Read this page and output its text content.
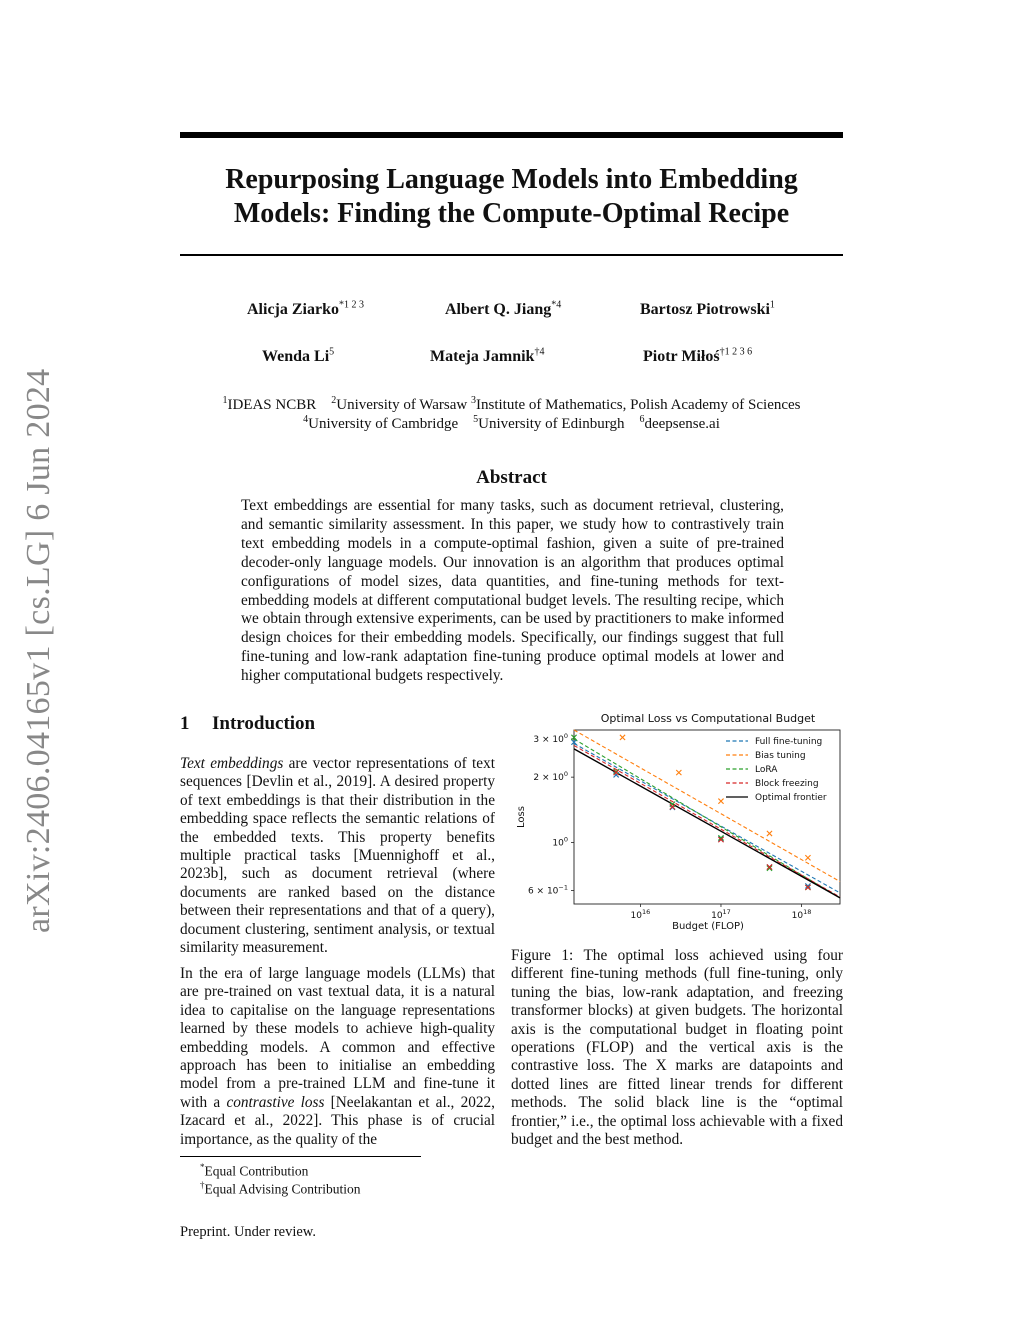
arXiv:2406.04165v1 [cs.LG] 6 Jun 2024
Repurposing Language Models into Embedding
Models: Finding the Compute-Optimal Recipe
Alicja Ziarko$^{*1 2 3}$	Albert Q. Jiang$^{*4}$	Bartosz Piotrowski$^1$
Wenda Li$^5$	Mateja Jamnik$^{\dagger 4}$	Piotr Miłoś$^{\dagger 1 2 3 6}$
$^1$IDEAS NCBR $^2$University of Warsaw $^3$Institute of Mathematics, Polish Academy of Sciences
$^4$University of Cambridge $^5$University of Edinburgh $^6$deepsense.ai
Abstract
Text embeddings are essential for many tasks, such as document retrieval, clustering, and semantic similarity assessment. In this paper, we study how to contrastively train text embedding models in a compute-optimal fashion, given a suite of pre-trained decoder-only language models. Our innovation is an algorithm that produces optimal configurations of model sizes, data quantities, and fine-tuning methods for text-embedding models at different computational budget levels. The resulting recipe, which we obtain through extensive experiments, can be used by practitioners to make informed design choices for their embedding models. Specifically, our findings suggest that full fine-tuning and low-rank adaptation fine-tuning produce optimal models at lower and higher computational budgets respectively.
1 Introduction
Text embeddings are vector representations of text sequences [Devlin et al., 2019]. A desired property of text embeddings is that their distribution in the embedding space reflects the semantic relations of the embedded texts. This property benefits multiple practical tasks [Muennighoff et al., 2023b], such as document retrieval (where documents are ranked based on the distance between their representations and that of a query), document clustering, sentiment analysis, or textual similarity measurement.
In the era of large language models (LLMs) that are pre-trained on vast textual data, it is a natural idea to capitalise on the language representations learned by these models to achieve high-quality embedding models. A common and effective approach has been to initialise an embedding model from a pre-trained LLM and fine-tune it with a contrastive loss [Neelakantan et al., 2022, Izacard et al., 2022]. This phase is of crucial importance, as the quality of the
Optimal Loss vs Computational Budget
$3 \times 10^0$
$2 \times 10^0$
$10^0$
$6 \times 10^{-1}$
$10^{16}$	$10^{17}$	$10^{18}$
Loss
Budget (FLOP)
Full fine-tuning
Bias tuning
LoRA
Block freezing
Optimal frontier
Figure 1: The optimal loss achieved using four different fine-tuning methods (full fine-tuning, only tuning the bias, low-rank adaptation, and freezing transformer blocks) at given budgets. The horizontal axis is the computational budget in floating point operations (FLOP) and the vertical axis is the contrastive loss. The X marks are datapoints and dotted lines are fitted linear trends for different methods. The solid black line is the “optimal frontier,” i.e., the optimal loss achievable with a fixed budget and the best method.
*Equal Contribution
†Equal Advising Contribution
Preprint. Under review.
